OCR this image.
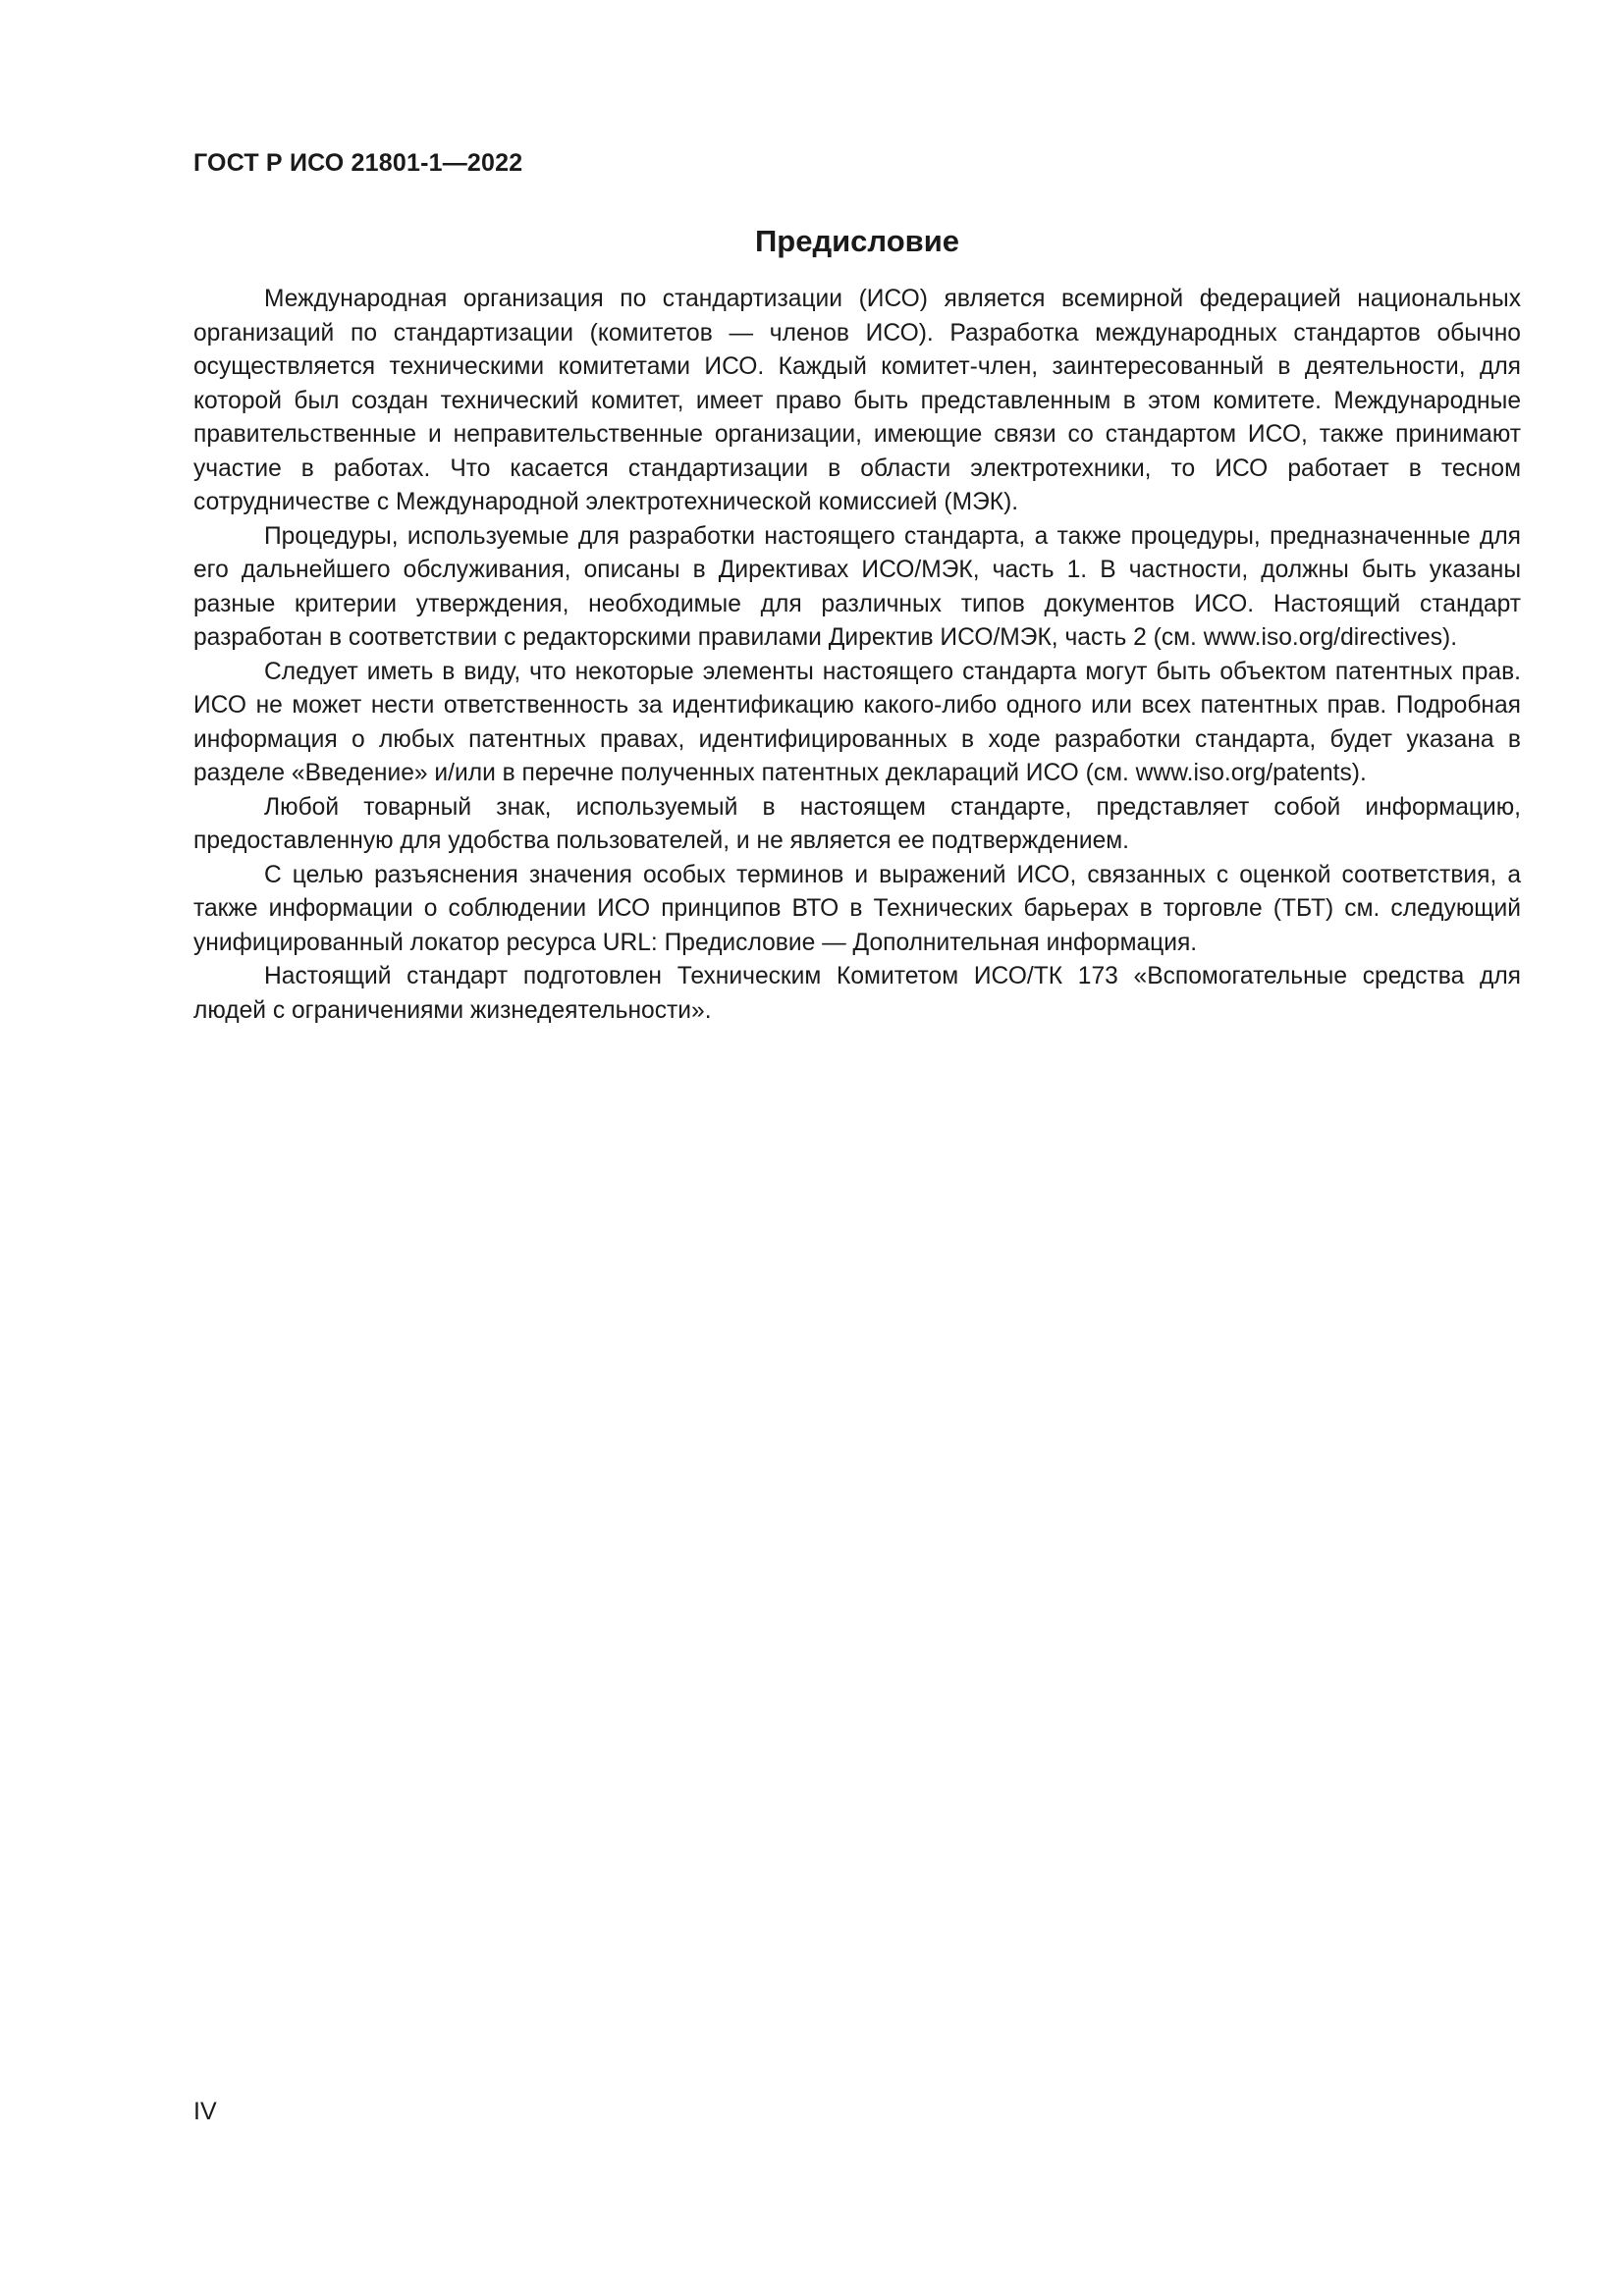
ГОСТ Р ИСО 21801-1—2022
Предисловие

Международная организация по стандартизации (ИСО) является всемирной федерацией национальных организаций по стандартизации (комитетов — членов ИСО). Разработка международных стандартов обычно осуществляется техническими комитетами ИСО. Каждый комитет-член, заинтересованный в деятельности, для которой был создан технический комитет, имеет право быть представленным в этом комитете. Международные правительственные и неправительственные организации, имеющие связи со стандартом ИСО, также принимают участие в работах. Что касается стандартизации в области электротехники, то ИСО работает в тесном сотрудничестве с Международной электротехнической комиссией (МЭК).

Процедуры, используемые для разработки настоящего стандарта, а также процедуры, предназначенные для его дальнейшего обслуживания, описаны в Директивах ИСО/МЭК, часть 1. В частности, должны быть указаны разные критерии утверждения, необходимые для различных типов документов ИСО. Настоящий стандарт разработан в соответствии с редакторскими правилами Директив ИСО/МЭК, часть 2 (см. www.iso.org/directives).

Следует иметь в виду, что некоторые элементы настоящего стандарта могут быть объектом патентных прав. ИСО не может нести ответственность за идентификацию какого-либо одного или всех патентных прав. Подробная информация о любых патентных правах, идентифицированных в ходе разработки стандарта, будет указана в разделе «Введение» и/или в перечне полученных патентных деклараций ИСО (см. www.iso.org/patents).

Любой товарный знак, используемый в настоящем стандарте, представляет собой информацию, предоставленную для удобства пользователей, и не является ее подтверждением.

С целью разъяснения значения особых терминов и выражений ИСО, связанных с оценкой соответствия, а также информации о соблюдении ИСО принципов ВТО в Технических барьерах в торговле (ТБТ) см. следующий унифицированный локатор ресурса URL: Предисловие — Дополнительная информация.

Настоящий стандарт подготовлен Техническим Комитетом ИСО/ТК 173 «Вспомогательные средства для людей с ограничениями жизнедеятельности».

IV
